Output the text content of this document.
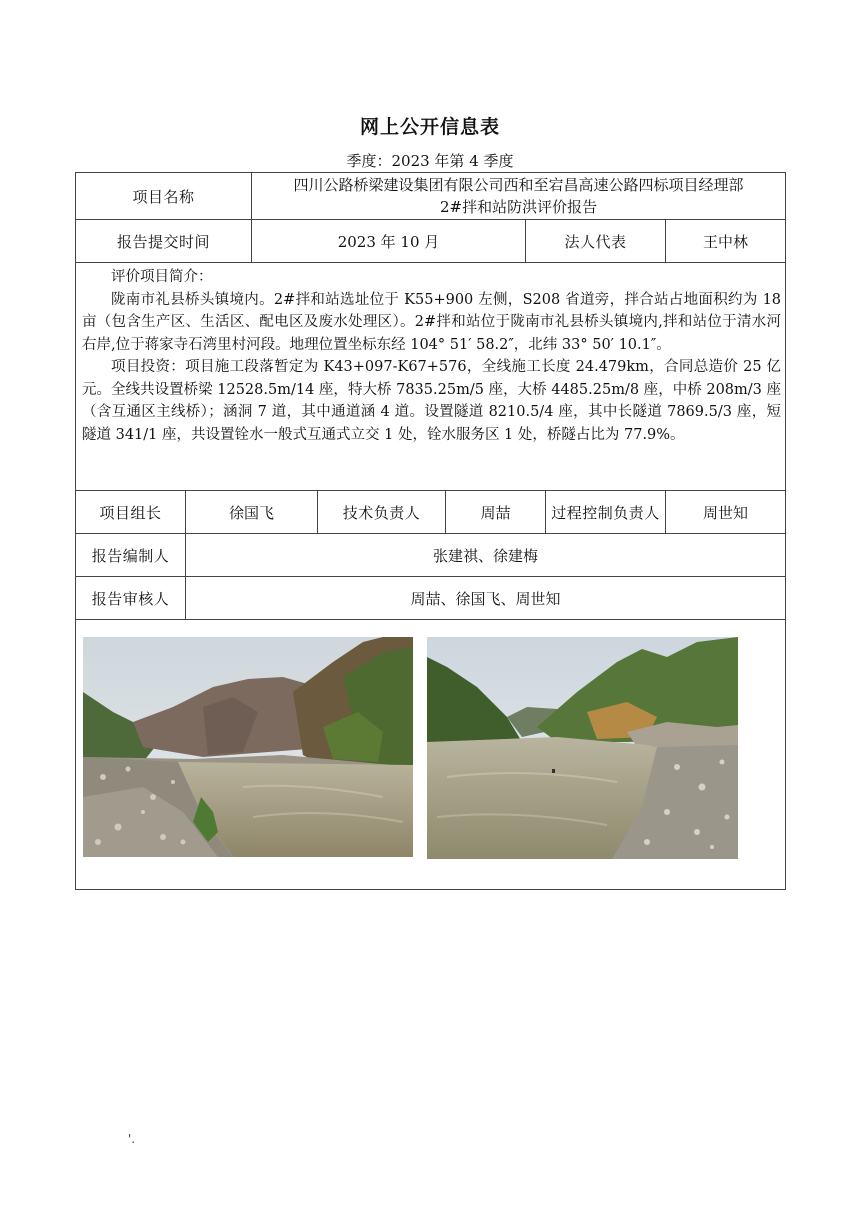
网上公开信息表
季度：2023 年第 4 季度
项目名称		四川公路桥梁建设集团有限公司西和至宕昌高速公路四标项目经理部
2#拌和站防洪评价报告					

报告提交时间		2023 年 10 月			法人代表		王中林

评价项目简介：

陇南市礼县桥头镇境内。2#拌和站选址位于 K55+900 左侧，S208 省道旁，拌合站占地面积约为 18 亩（包含生产区、生活区、配电区及废水处理区）。2#拌和站位于陇南市礼县桥头镇境内,拌和站位于清水河右岸,位于蒋家寺石湾里村河段。地理位置坐标东经 104° 51′ 58.2″，北纬 33° 50′ 10.1″。

项目投资：项目施工段落暂定为 K43+097-K67+576，全线施工长度 24.479km，合同总造价 25 亿元。全线共设置桥梁 12528.5m/14 座，特大桥 7835.25m/5 座，大桥 4485.25m/8 座，中桥 208m/3 座（含互通区主线桥）；涵洞 7 道，其中通道涵 4 道。设置隧道 8210.5/4 座，其中长隧道 7869.5/3 座，短隧道 341/1 座，共设置铨水一般式互通式立交 1 处，铨水服务区 1 处，桥隧占比为 77.9%。							

项目组长	徐国飞		技术负责人	周喆		过程控制负责人	周世知
报告编制人	张建祺、徐建梅						
报告审核人	周喆、徐国飞、周世知						

'.
